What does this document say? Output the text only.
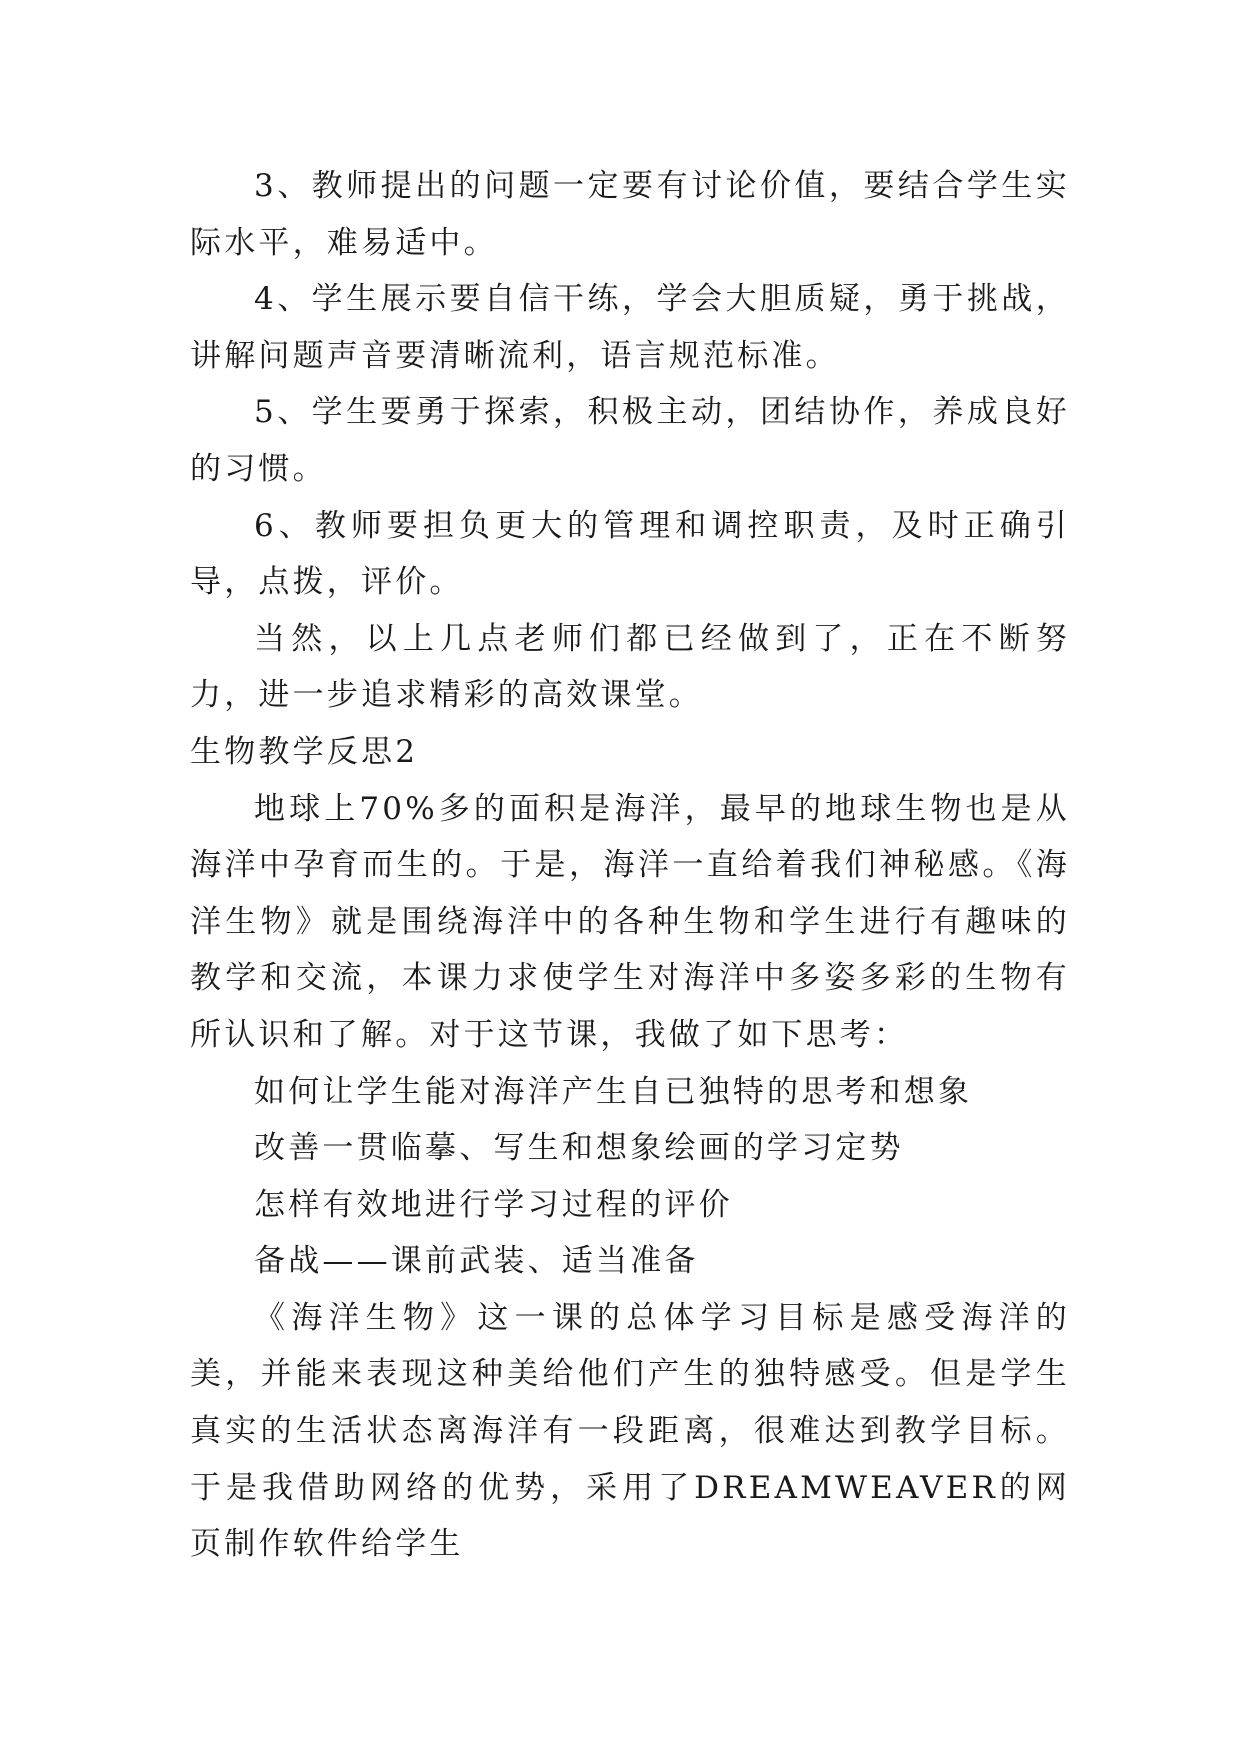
3、教师提出的问题一定要有讨论价值，要结合学生实际水平，难易适中。

4、学生展示要自信干练，学会大胆质疑，勇于挑战，讲解问题声音要清晰流利，语言规范标准。

5、学生要勇于探索，积极主动，团结协作，养成良好的习惯。

6、教师要担负更大的管理和调控职责，及时正确引导，点拨，评价。

当然，以上几点老师们都已经做到了，正在不断努力，进一步追求精彩的高效课堂。

生物教学反思2

地球上70%多的面积是海洋，最早的地球生物也是从海洋中孕育而生的。于是，海洋一直给着我们神秘感。《海洋生物》就是围绕海洋中的各种生物和学生进行有趣味的教学和交流，本课力求使学生对海洋中多姿多彩的生物有所认识和了解。对于这节课，我做了如下思考：

如何让学生能对海洋产生自已独特的思考和想象

改善一贯临摹、写生和想象绘画的学习定势

怎样有效地进行学习过程的评价

备战——课前武装、适当准备

《海洋生物》这一课的总体学习目标是感受海洋的美，并能来表现这种美给他们产生的独特感受。但是学生真实的生活状态离海洋有一段距离，很难达到教学目标。于是我借助网络的优势，采用了DREAMWEAVER的网页制作软件给学生
